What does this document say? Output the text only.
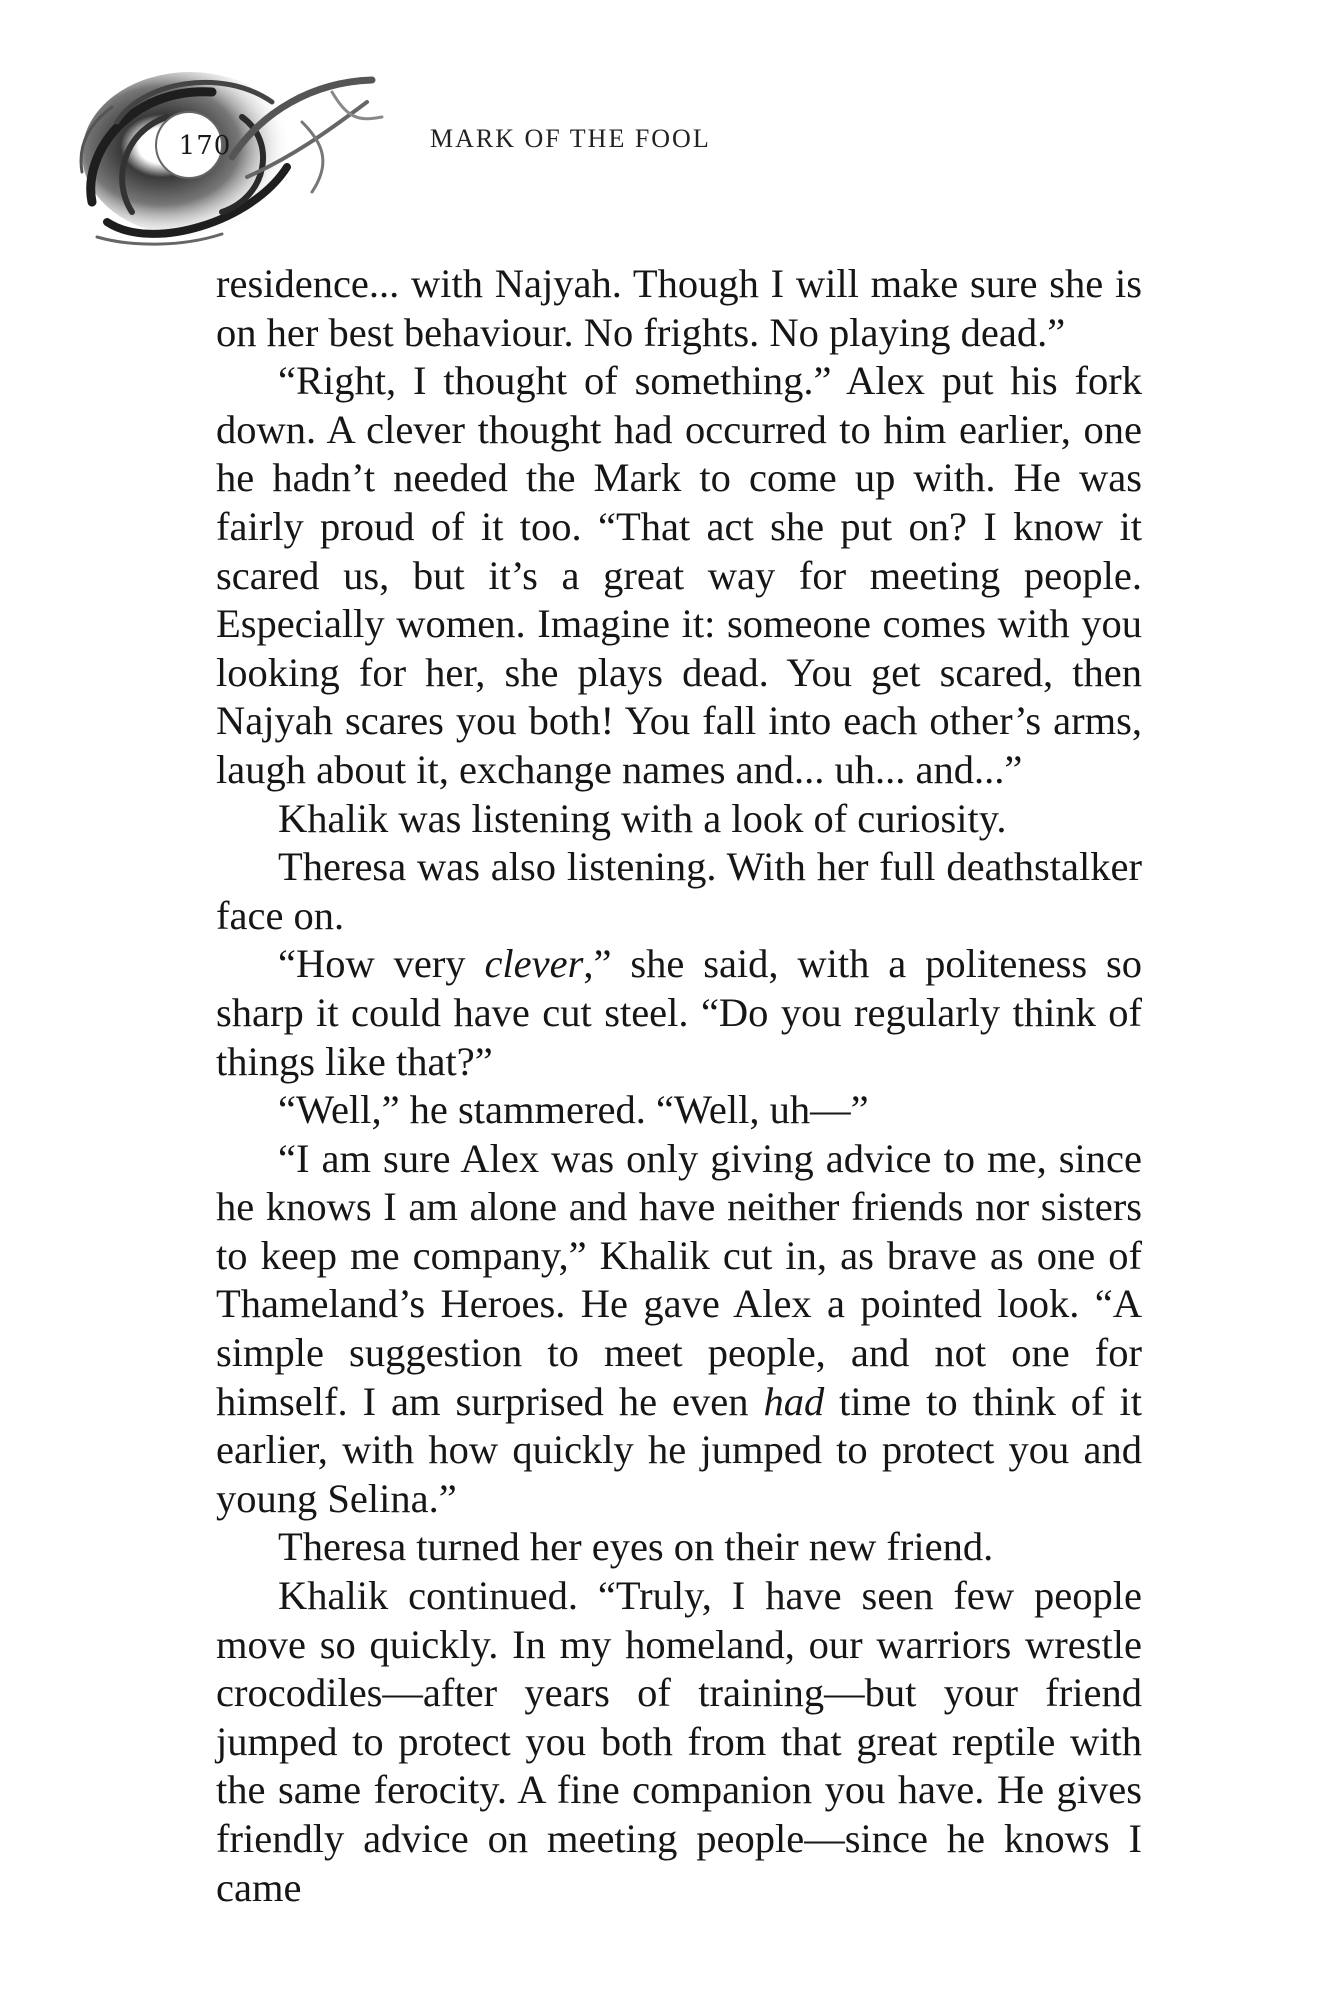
170	MARK OF THE FOOL

residence... with Najyah. Though I will make sure she is on her best behaviour. No frights. No playing dead.”

“Right, I thought of something.” Alex put his fork down. A clever thought had occurred to him earlier, one he hadn’t needed the Mark to come up with. He was fairly proud of it too. “That act she put on? I know it scared us, but it’s a great way for meeting people. Especially women. Imagine it: someone comes with you looking for her, she plays dead. You get scared, then Najyah scares you both! You fall into each other’s arms, laugh about it, exchange names and... uh... and...”

Khalik was listening with a look of curiosity.

Theresa was also listening. With her full deathstalker face on.

“How very clever,” she said, with a politeness so sharp it could have cut steel. “Do you regularly think of things like that?”

“Well,” he stammered. “Well, uh—”

“I am sure Alex was only giving advice to me, since he knows I am alone and have neither friends nor sisters to keep me company,” Khalik cut in, as brave as one of Thameland’s Heroes. He gave Alex a pointed look. “A simple suggestion to meet people, and not one for himself. I am surprised he even had time to think of it earlier, with how quickly he jumped to protect you and young Selina.”

Theresa turned her eyes on their new friend.

Khalik continued. “Truly, I have seen few people move so quickly. In my homeland, our warriors wrestle crocodiles—after years of training—but your friend jumped to protect you both from that great reptile with the same ferocity. A fine companion you have. He gives friendly advice on meeting people—since he knows I came
